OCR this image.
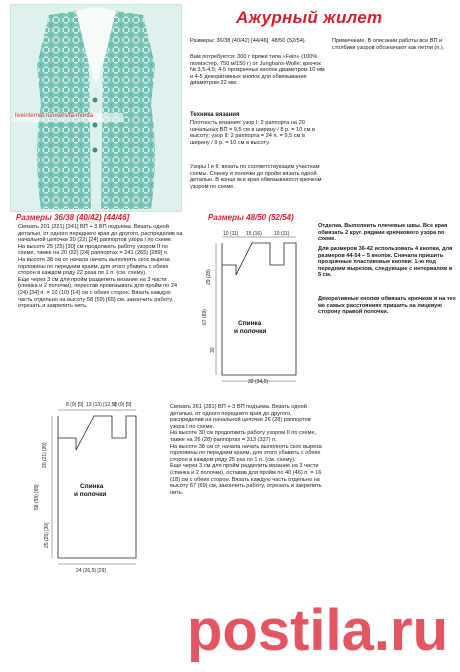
liveinternet.ru/users/fa-morda
Ажурный жилет
Размеры: 36/38 (40/42) [44/46], 48/50 (52/54).
Вам потребуется: 300 г пряжи типа «Fein» (100% полиэстер, 750 м/150 г) от Junghans-Wolle; крючок № 3,5-4,5; 4-5 прозрачных кнопок диаметром 10 мм и 4-5 декоративных кнопок для обвязывания диаметром 22 мм.
Техника вязания
Плотность вязания: узор I: 2 раппорта на 20 начальных ВП = 9,5 см в ширину / 8 р. = 10 см в высоту; узор II: 2 раппорта = 24 п. = 9,5 см в ширину / 9 р. = 10 см в высоту.
Узоры I и II: вязать по соответствующим участкам схемы. Спинку и полочки до пройм вязать одной деталью. В конце все края обвязываются крючком узором по схеме.
Примечание. В описании работы все ВП и столбики узоров обозначают как петли (п.).
Размеры 36/38 (40/42) [44/46]
Связать 201 (221) [241] ВП + 3 ВП подъема. Вязать одной деталью, от одного переднего края до другого, распределив на начальной цепочке 20 (22) [24] раппортов узора I по схеме.
На высоте 25 (25) [30] см продолжить работу узором II по схеме, также на 20 (22) [24] раппортах = 241 (265) [289] п.
На высоте 38 см от начала начать выполнять скос выреза горловины по передним краям, для этого убавить с обеих сторон в каждом ряду 22 раза по 1 п. (см. схему).
Еще через 3 см для пройм разделить вязание на 3 части (спинка и 2 полочки), перестав провязывать для пройм по 24 (24) [34] п. = 10 (10) [14] см с обеих сторон. Вязать каждую часть отдельно на высоту 58 (59) [65] см, закончить работу, отрезать и закрепить нить.
Размеры 48/50 (52/54)
10 (11) 15 (16) 10 (11)
29 (28)
67 (69)
30
Спинка
и полочки
32 (34,5)
Отделка. Выполнить плечевые швы. Все края обвязать 2 круг. рядами крючкового узора по схеме.
Для размеров 36-42 использовать 4 кнопки, для размеров 44-54 – 5 кнопок. Сначала пришить прозрачные пластиковые кнопки: 1-ю под передним вырезом, следующие с интервалом в 5 см.
Декоративные кнопки обвязать крючком и на тех же самых расстояниях пришить на лицевую сторону правой полочки.
8 (9) [9] 13 (13) [12,5]
8 (9) [9]
20 (21) [20]
58 (59) [65]
25 (25) [30]
Спинка
и полочки
24 (26,5) [29]
Связать 261 (281) ВП + 3 ВП подъема. Вязать одной деталью, от одного переднего края до другого, распределив на начальной цепочке 26 (28) раппортов узора I по схеме.
На высоте 30 см продолжить работу узором II по схеме, также на 26 (28) раппортах = 313 (337) п.
На высоте 38 см от начала начать выполнять скос выреза горловины по передним краям, для этого убавить с обеих сторон в каждом ряду 25 раз по 1 п. (см. схему).
Еще через 3 см для пройм разделить вязание на 3 части (спинка и 2 полочки), оставив для пройм по 40 (46) п. = 16 (18) см с обеих сторон. Вязать каждую часть отдельно на высоту 67 (69) см, закончить работу, отрезать и закрепить нить.
postila.ru
